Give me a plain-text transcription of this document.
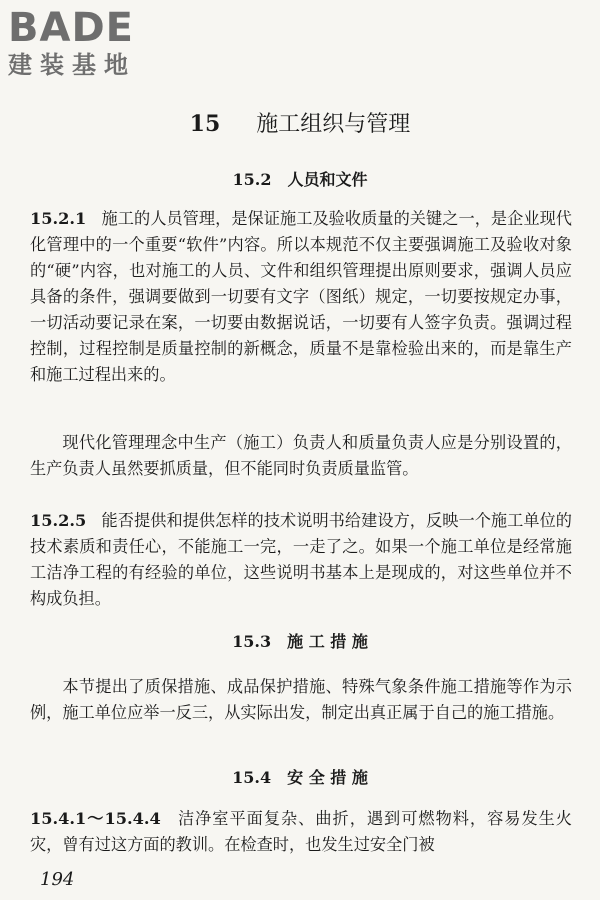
BADE
建装基地
15 施工组织与管理
15.2　人员和文件

15.2.1 施工的人员管理，是保证施工及验收质量的关键之一，是企业现代化管理中的一个重要“软件”内容。所以本规范不仅主要强调施工及验收对象的“硬”内容，也对施工的人员、文件和组织管理提出原则要求，强调人员应具备的条件，强调要做到一切要有文字（图纸）规定，一切要按规定办事，一切活动要记录在案，一切要由数据说话，一切要有人签字负责。强调过程控制，过程控制是质量控制的新概念，质量不是靠检验出来的，而是靠生产和施工过程出来的。

现代化管理理念中生产（施工）负责人和质量负责人应是分别设置的，生产负责人虽然要抓质量，但不能同时负责质量监管。

15.2.5 能否提供和提供怎样的技术说明书给建设方，反映一个施工单位的技术素质和责任心，不能施工一完，一走了之。如果一个施工单位是经常施工洁净工程的有经验的单位，这些说明书基本上是现成的，对这些单位并不构成负担。

15.3　施 工 措 施

本节提出了质保措施、成品保护措施、特殊气象条件施工措施等作为示例，施工单位应举一反三，从实际出发，制定出真正属于自己的施工措施。

15.4　安 全 措 施

15.4.1～15.4.4 洁净室平面复杂、曲折，遇到可燃物料，容易发生火灾，曾有过这方面的教训。在检查时，也发生过安全门被

194
